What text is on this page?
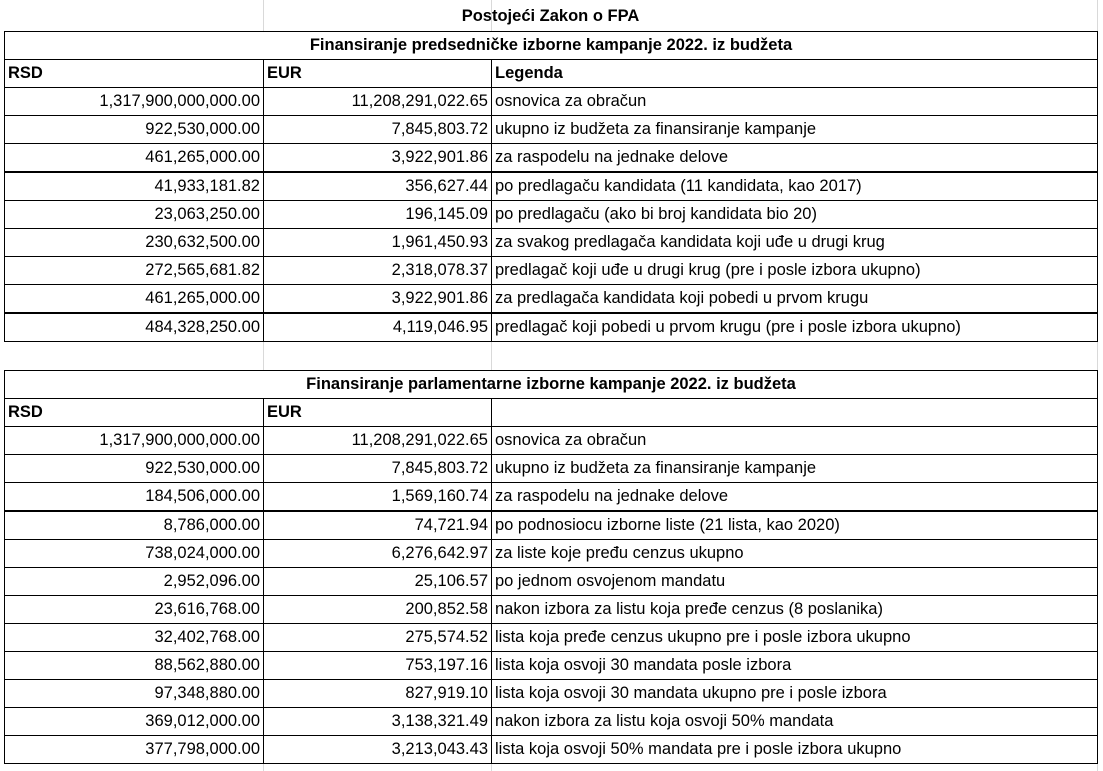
Postojeći Zakon o FPA
Finansiranje predsedničke izborne kampanje 2022. iz budžeta		
RSD	EUR	Legenda
1,317,900,000,000.00	11,208,291,022.65	osnovica za obračun
922,530,000.00	7,845,803.72	ukupno iz budžeta za finansiranje kampanje
461,265,000.00	3,922,901.86	za raspodelu na jednake delove
41,933,181.82	356,627.44	po predlagaču kandidata (11 kandidata, kao 2017)
23,063,250.00	196,145.09	po predlagaču (ako bi broj kandidata bio 20)
230,632,500.00	1,961,450.93	za svakog predlagača kandidata koji uđe u drugi krug
272,565,681.82	2,318,078.37	predlagač koji uđe u drugi krug (pre i posle izbora ukupno)
461,265,000.00	3,922,901.86	za predlagača kandidata koji pobedi u prvom krugu
484,328,250.00	4,119,046.95	predlagač koji pobedi u prvom krugu (pre i posle izbora ukupno)
Finansiranje parlamentarne izborne kampanje 2022. iz budžeta		
RSD	EUR	
1,317,900,000,000.00	11,208,291,022.65	osnovica za obračun
922,530,000.00	7,845,803.72	ukupno iz budžeta za finansiranje kampanje
184,506,000.00	1,569,160.74	za raspodelu na jednake delove
8,786,000.00	74,721.94	po podnosiocu izborne liste (21 lista, kao 2020)
738,024,000.00	6,276,642.97	za liste koje pređu cenzus ukupno
2,952,096.00	25,106.57	po jednom osvojenom mandatu
23,616,768.00	200,852.58	nakon izbora za listu koja pređe cenzus (8 poslanika)
32,402,768.00	275,574.52	lista koja pređe cenzus ukupno pre i posle izbora ukupno
88,562,880.00	753,197.16	lista koja osvoji 30 mandata posle izbora
97,348,880.00	827,919.10	lista koja osvoji 30 mandata ukupno pre i posle izbora
369,012,000.00	3,138,321.49	nakon izbora za listu koja osvoji 50% mandata
377,798,000.00	3,213,043.43	lista koja osvoji 50% mandata pre i posle izbora ukupno
